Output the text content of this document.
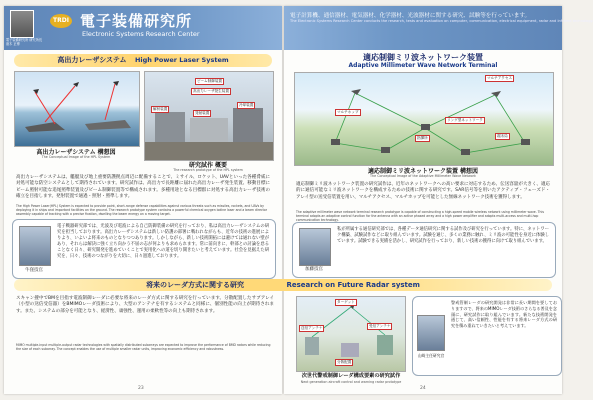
電子装備研究所 研究所長 唐木 正博
TRDI 電子装備研究所
Electronic Systems Research Center
高出力レーザシステム High Power Laser System
高出力レーザシステム 構想図
The Conceptual Image of the HPL System
ビーム制御装置
高出力レーザ発生装置
解析装置
発射装置
冷却装置
研究試作 概要
The research prototype of the HPL system
高出力レーザシステムは、艦艇及び地上重要防護拠点周辺に配備することで、ミサイル、ロケット、UAVといった各種脅威に対処可能な防空システムとして期待されています。研究試作は、高出力で長距離に届れた高出力レーザ発生装置、移動目標にビーム照射可能な追尾照準装置及びビーム制御装置等で構成されます。多種用途となる目標群に対処する高出力レーザ技術の確立を目指します。発射装置で通過・照射・照準します。
The High Power Laser(HPL) System is expected to provide point, short-range defense capabilities against various threats such as missiles, rockets, and UAVs by deploying it in ships and important facilities on the ground. The research prototype system contains a powerful chemical oxygen iodine laser and a beam director assembly capable of tracking with a precise fixation, dwelling the beam energy on a moving target.
牛窪技官
電子戦器研究部では、光波及び電波による自己防御装備の研究を行っており、私は高出力レーザシステムの研究を担当しております。高出力レーザシステムは新しい防護の部署に戦われながらも、近年の技術の進展によりより、いよいよ将来のものとなりつつあります。しかしながら、新しい技術開拓には避けては通れない壁があり、それらは解決に強く立ち向かう不屈の志が何よりも求められます。常に前向きに、幹部との討論を怠ることなく日々、研究開発を進めていくことで実用化への道を切り開きたいと考えています。社会を見据えた研究を、日々、技術のつながりを大切に、日々過進しております。
23
電子計算機、通信器材、電気器材、化学器材、光波器材に関する研究、試験等を行っています。
The Electronic Systems Research Center conducts the research, tests and evaluation on computer, communication, electrical equipment, radar and infrared technology.
適応制御ミリ波ネットワーク装置
Adaptive Millimeter Wave Network Terminal
マルチアクセス
マルチホップ
リング型ネットワーク
指揮所	端末局
適応制御ミリ波ネットワーク装置 構想図
The Conceptual Image of the Adaptive Millimeter Wave Network
適応制御ミリ波ネットワーク装置の研究試作は、近年のネットワークへの高い要求に対応するため、伝送容量が大きく、適応的に通信可能なミリ波ネットワークを構成するための技術に関する研究です。SAR信号等を用いたアクティブ・フェーズド・アレイ型の送受信装置を用い、マルチアクセス、マルチホップを可能とした無線ネットワーク技術を獲得します。
The adaptive millimeter wave network terminal research prototype is capable of constructing a high-speed mobile wireless network using millimeter wave. This terminal adopts an adaptive control function for the antenna with an active phased array and a high power amplifier and adopts multi-access and multi-hop communication technology.
加藤技官
私が所属する通信研究部では、各種データ通信研究に関する試作及び研究を行っています。特に、ネットワーク構築、試験試作などに取り組んでいます。試験を通じ、多くの業務に触れ、ミリ波の可能性を身近に体験しています。試験できる実績を活かし、研究試作を行っており、新しい技術の獲得に向けて取り組んでいます。
将来のレーダ方式に関する研究	Research on Future Radar system
スキャン捜中でBMを目指す電波制御レーダに必要な将来のレーダ方式に関する研究を行っています。分散配置したサブアレイ（小型の送信受信器）をBMIMOレーダ技術により、大型のアンテナを有するシステムと同様に、個別性能の向上が期待されます。また、システムの部分を可能となり、経済性、頑強性、運用の柔軟性等の向上も期待されます。
MIMO multiple-input multiple-output radar technologies with spatially distributed subarrays are expected to improve the performance of BMD radars while reducing the size of each subarray. The concept enables the use of multiple smaller radar units, improving economic efficiency and robustness.
ターゲット
送信アンテナ	受信アンテナ
分散配置
次世代警戒制御レーダ構成要素の研究試作
Next generation aircraft control and warning radar prototype
山崎主任研究官
警戒管制レーダの研究開発は非常に長い期間を要しておりますので、将来のMIMOレーダ技術のさらなる普及を念頭に、研究試作に取り組んでいます。新たな技術開発を通じて、高い信頼性、性能を有する将来レーダ方式の研究を積み重ねていきたいと考えています。
24
